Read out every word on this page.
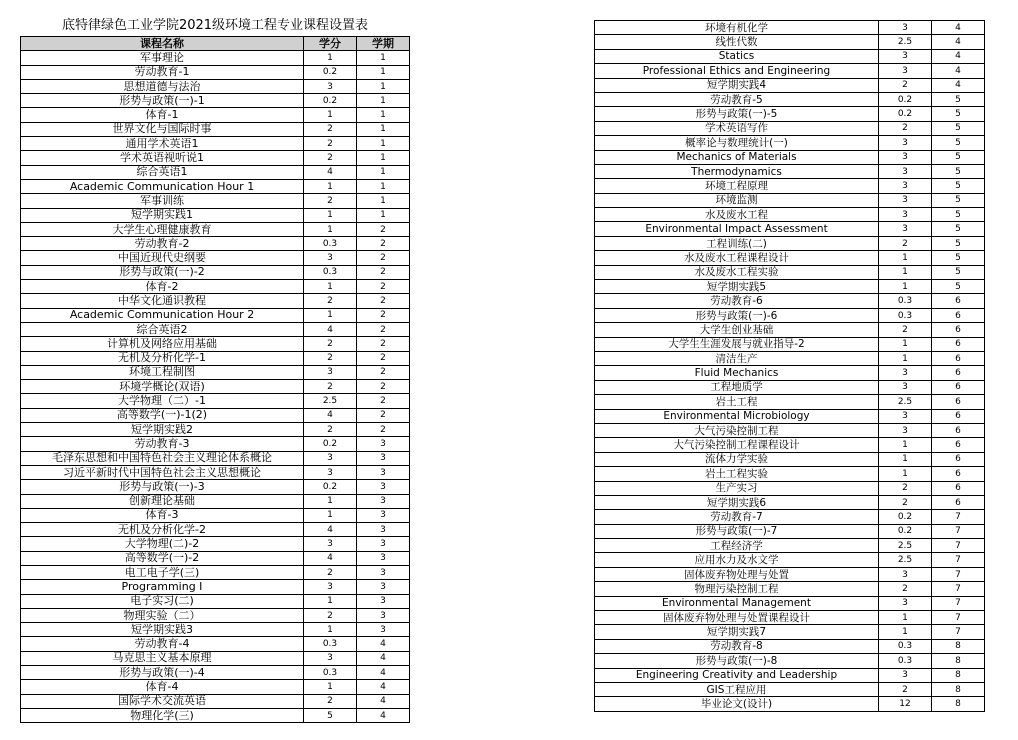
底特律绿色工业学院2021级环境工程专业课程设置表
课程名称	学分	学期
军事理论	1	1
劳动教育-1	0.2	1
思想道德与法治	3	1
形势与政策(一)-1	0.2	1
体育-1	1	1
世界文化与国际时事	2	1
通用学术英语1	2	1
学术英语视听说1	2	1
综合英语1	4	1
Academic Communication Hour 1	1	1
军事训练	2	1
短学期实践1	1	1
大学生心理健康教育	1	2
劳动教育-2	0.3	2
中国近现代史纲要	3	2
形势与政策(一)-2	0.3	2
体育-2	1	2
中华文化通识教程	2	2
Academic Communication Hour 2	1	2
综合英语2	4	2
计算机及网络应用基础	2	2
无机及分析化学-1	2	2
环境工程制图	3	2
环境学概论(双语)	2	2
大学物理（二）-1	2.5	2
高等数学(一)-1(2)	4	2
短学期实践2	2	2
劳动教育-3	0.2	3
毛泽东思想和中国特色社会主义理论体系概论	3	3
习近平新时代中国特色社会主义思想概论	3	3
形势与政策(一)-3	0.2	3
创新理论基础	1	3
体育-3	1	3
无机及分析化学-2	4	3
大学物理(二)-2	3	3
高等数学(一)-2	4	3
电工电子学(三)	2	3
Programming Ⅰ	3	3
电子实习(二)	1	3
物理实验（二）	2	3
短学期实践3	1	3
劳动教育-4	0.3	4
马克思主义基本原理	3	4
形势与政策(一)-4	0.3	4
体育-4	1	4
国际学术交流英语	2	4
物理化学(三)	5	4
环境有机化学	3	4
线性代数	2.5	4
Statics	3	4
Professional Ethics and Engineering	3	4
短学期实践4	2	4
劳动教育-5	0.2	5
形势与政策(一)-5	0.2	5
学术英语写作	2	5
概率论与数理统计(一)	3	5
Mechanics of Materials	3	5
Thermodynamics	3	5
环境工程原理	3	5
环境监测	3	5
水及废水工程	3	5
Environmental Impact Assessment	3	5
工程训练(二)	2	5
水及废水工程课程设计	1	5
水及废水工程实验	1	5
短学期实践5	1	5
劳动教育-6	0.3	6
形势与政策(一)-6	0.3	6
大学生创业基础	2	6
大学生生涯发展与就业指导-2	1	6
清洁生产	1	6
Fluid Mechanics	3	6
工程地质学	3	6
岩土工程	2.5	6
Environmental Microbiology	3	6
大气污染控制工程	3	6
大气污染控制工程课程设计	1	6
流体力学实验	1	6
岩土工程实验	1	6
生产实习	2	6
短学期实践6	2	6
劳动教育-7	0.2	7
形势与政策(一)-7	0.2	7
工程经济学	2.5	7
应用水力及水文学	2.5	7
固体废弃物处理与处置	3	7
物理污染控制工程	2	7
Environmental Management	3	7
固体废弃物处理与处置课程设计	1	7
短学期实践7	1	7
劳动教育-8	0.3	8
形势与政策(一)-8	0.3	8
Engineering Creativity and Leadership	3	8
GIS工程应用	2	8
毕业论文(设计)	12	8
